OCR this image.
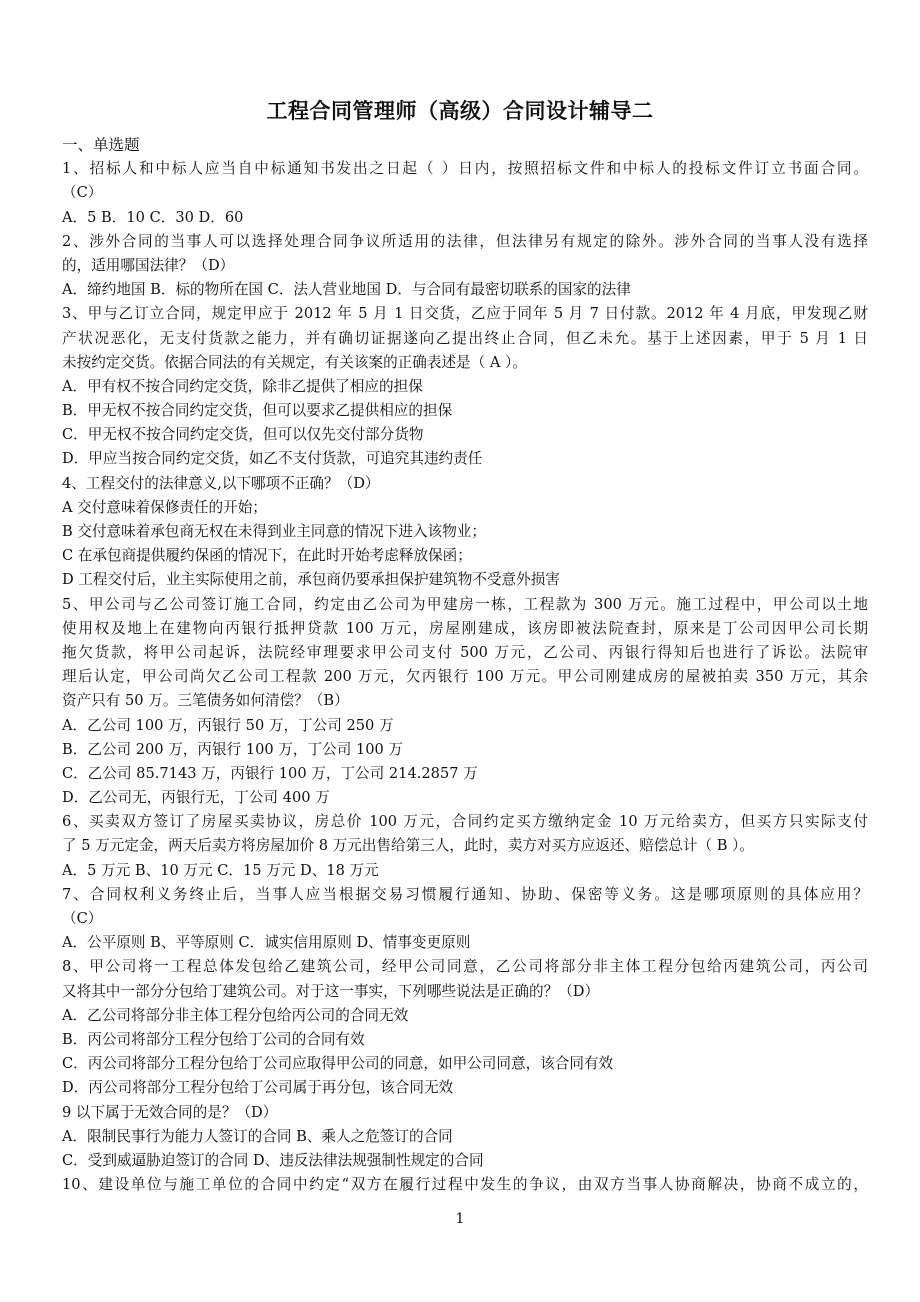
工程合同管理师（高级）合同设计辅导二
一、单选题
1、招标人和中标人应当自中标通知书发出之日起（ ）日内，按照招标文件和中标人的投标文件订立书面合同。
（C）
A．5 B．10 C．30 D．60
2、涉外合同的当事人可以选择处理合同争议所适用的法律，但法律另有规定的除外。涉外合同的当事人没有选择
的，适用哪国法律？（D）
A．缔约地国 B．标的物所在国 C．法人营业地国 D．与合同有最密切联系的国家的法律
3、甲与乙订立合同，规定甲应于 2012 年 5 月 1 日交货，乙应于同年 5 月 7 日付款。2012 年 4 月底，甲发现乙财
产状况恶化，无支付货款之能力，并有确切证据遂向乙提出终止合同，但乙未允。基于上述因素，甲于 5 月 1 日
未按约定交货。依据合同法的有关规定，有关该案的正确表述是（ A ）。
A．甲有权不按合同约定交货，除非乙提供了相应的担保
B．甲无权不按合同约定交货，但可以要求乙提供相应的担保
C．甲无权不按合同约定交货，但可以仅先交付部分货物
D．甲应当按合同约定交货，如乙不支付货款，可追究其违约责任
4、工程交付的法律意义,以下哪项不正确？（D）
A 交付意味着保修责任的开始；
B 交付意味着承包商无权在未得到业主同意的情况下进入该物业；
C 在承包商提供履约保函的情况下，在此时开始考虑释放保函；
D 工程交付后，业主实际使用之前，承包商仍要承担保护建筑物不受意外损害
5、甲公司与乙公司签订施工合同，约定由乙公司为甲建房一栋，工程款为 300 万元。施工过程中，甲公司以土地
使用权及地上在建物向丙银行抵押贷款 100 万元，房屋刚建成，该房即被法院查封，原来是丁公司因甲公司长期
拖欠货款，将甲公司起诉，法院经审理要求甲公司支付 500 万元，乙公司、丙银行得知后也进行了诉讼。法院审
理后认定，甲公司尚欠乙公司工程款 200 万元，欠丙银行 100 万元。甲公司刚建成房的屋被拍卖 350 万元，其余
资产只有 50 万。三笔债务如何清偿？（B）
A．乙公司 100 万，丙银行 50 万，丁公司 250 万
B．乙公司 200 万，丙银行 100 万，丁公司 100 万
C．乙公司 85.7143 万，丙银行 100 万，丁公司 214.2857 万
D．乙公司无，丙银行无，丁公司 400 万
6、买卖双方签订了房屋买卖协议，房总价 100 万元，合同约定买方缴纳定金 10 万元给卖方，但买方只实际支付
了 5 万元定金，两天后卖方将房屋加价 8 万元出售给第三人，此时，卖方对买方应返还、赔偿总计（ B ）。
A．5 万元 B、10 万元 C．15 万元 D、18 万元
7、合同权利义务终止后，当事人应当根据交易习惯履行通知、协助、保密等义务。这是哪项原则的具体应用？
（C）
A．公平原则 B、平等原则 C．诚实信用原则 D、情事变更原则
8、甲公司将一工程总体发包给乙建筑公司，经甲公司同意，乙公司将部分非主体工程分包给丙建筑公司，丙公司
又将其中一部分分包给丁建筑公司。对于这一事实，下列哪些说法是正确的？（D）
A．乙公司将部分非主体工程分包给丙公司的合同无效
B．丙公司将部分工程分包给丁公司的合同有效
C．丙公司将部分工程分包给丁公司应取得甲公司的同意，如甲公司同意，该合同有效
D．丙公司将部分工程分包给丁公司属于再分包，该合同无效
9 以下属于无效合同的是？（D）
A．限制民事行为能力人签订的合同 B、乘人之危签订的合同
C．受到威逼胁迫签订的合同 D、违反法律法规强制性规定的合同
10、建设单位与施工单位的合同中约定“双方在履行过程中发生的争议，由双方当事人协商解决，协商不成立的，
1
